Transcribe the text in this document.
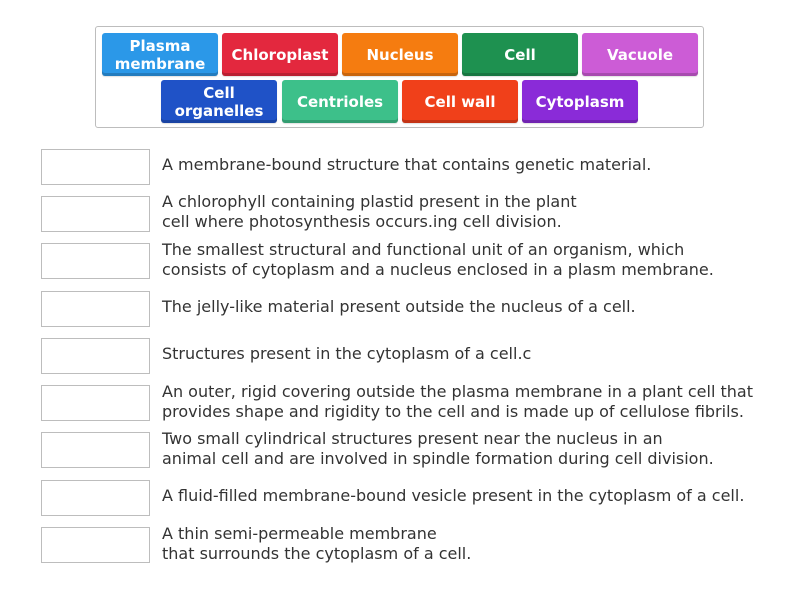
Plasma
membrane	Chloroplast	Nucleus	Cell	Vacuole
Cell
organelles	Centrioles	Cell wall	Cytoplasm
A membrane-bound structure that contains genetic material.
A chlorophyll containing plastid present in the plant
cell where photosynthesis occurs.ing cell division.
The smallest structural and functional unit of an organism, which
consists of cytoplasm and a nucleus enclosed in a plasm membrane.
The jelly-like material present outside the nucleus of a cell.
Structures present in the cytoplasm of a cell.c
An outer, rigid covering outside the plasma membrane in a plant cell that
provides shape and rigidity to the cell and is made up of cellulose fibrils.
Two small cylindrical structures present near the nucleus in an
animal cell and are involved in spindle formation during cell division.
A fluid-filled membrane-bound vesicle present in the cytoplasm of a cell.
A thin semi-permeable membrane
that surrounds the cytoplasm of a cell.
